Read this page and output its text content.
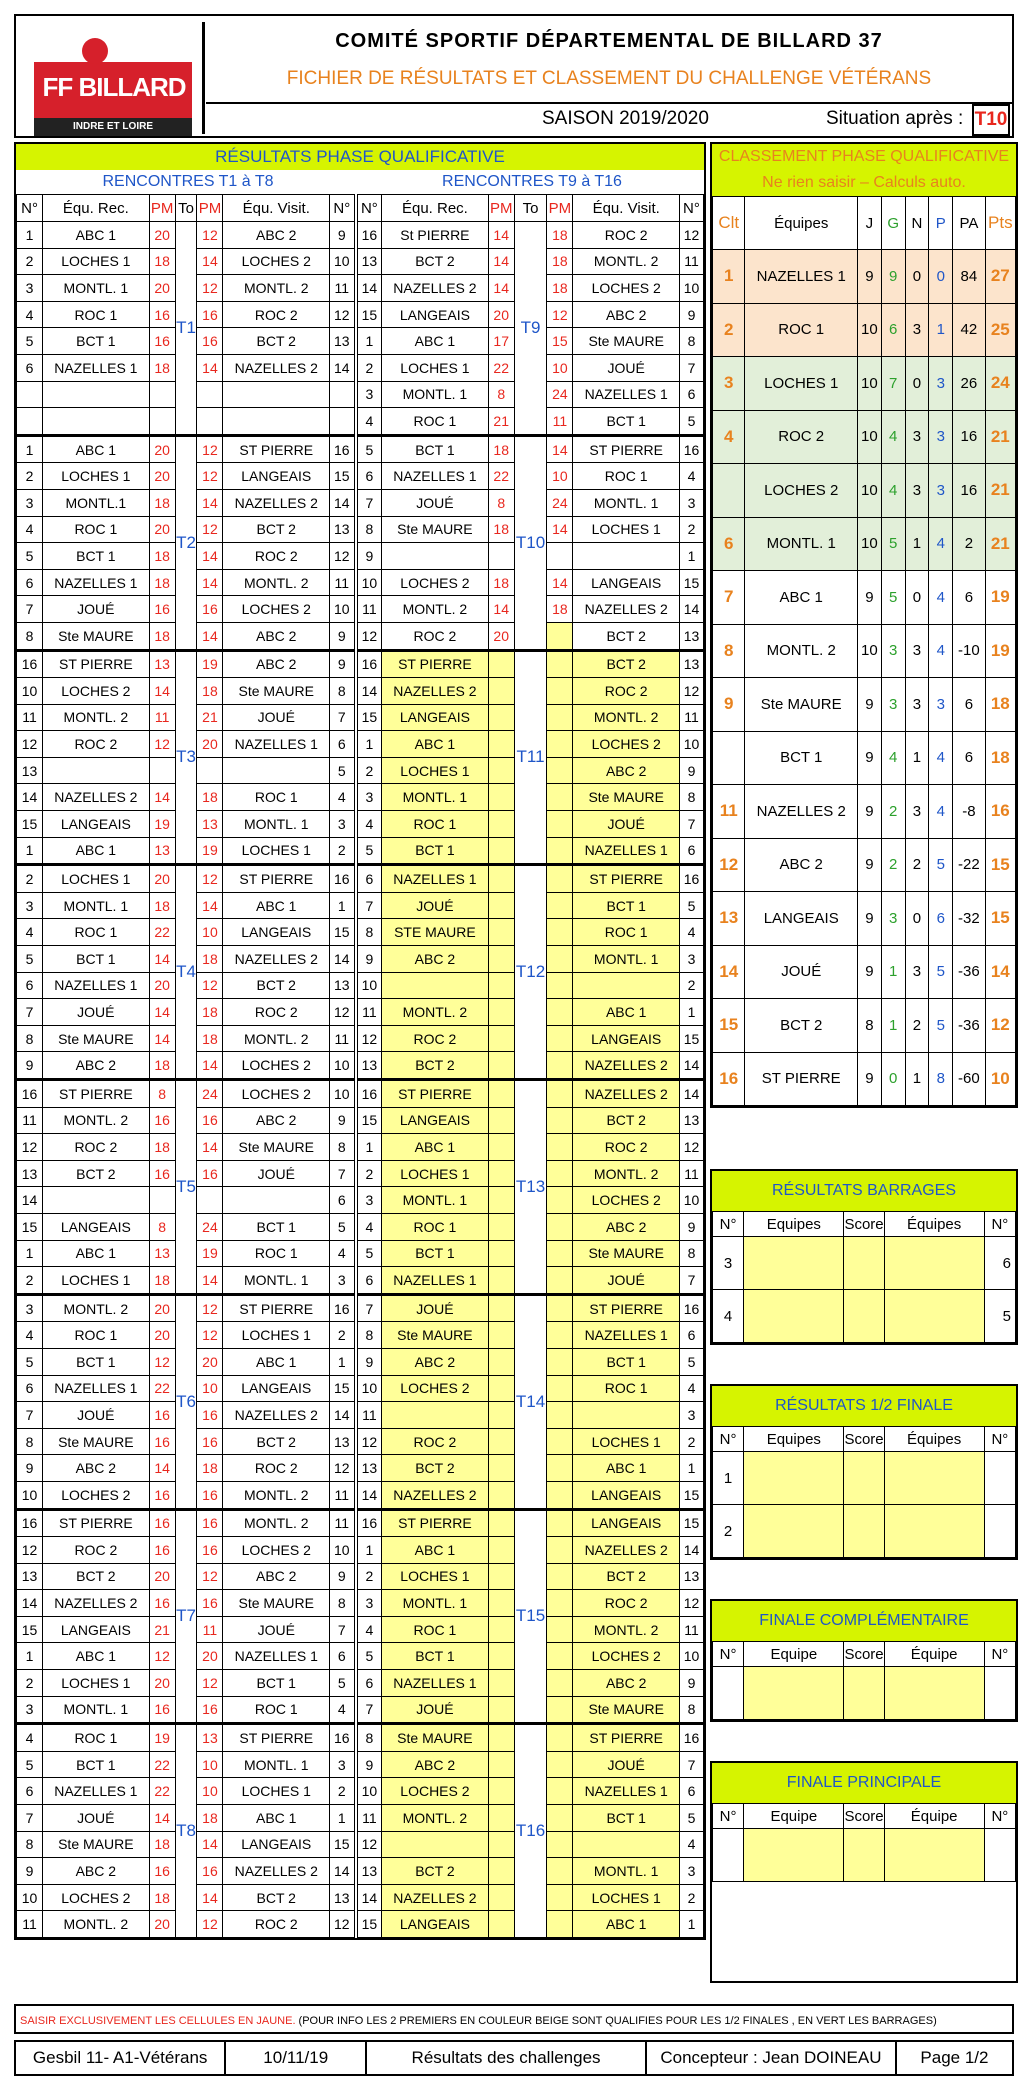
FF BILLARD
INDRE ET LOIRE
COMITÉ SPORTIF DÉPARTEMENTAL DE BILLARD 37
FICHIER DE RÉSULTATS ET CLASSEMENT DU CHALLENGE VÉTÉRANS
SAISON 2019/2020	Situation après : T10
RÉSULTATS PHASE QUALIFICATIVE
RENCONTRES T1 à T8	RENCONTRES T9 à T16
N°	Équ. Rec.	PM	To	PM	Équ. Visit.	N°	N°	Équ. Rec.	PM	To	PM	Équ. Visit.	N°
1	ABC 1	20	T1	12	ABC 2	9	16	St PIERRE	14	T9	18	ROC 2	12
2	LOCHES 1	18		14	LOCHES 2	10	13	BCT 2	14		18	MONTL. 2	11
3	MONTL. 1	20		12	MONTL. 2	11	14	NAZELLES 2	14		18	LOCHES 2	10
4	ROC 1	16		16	ROC 2	12	15	LANGEAIS	20		12	ABC 2	9
5	BCT 1	16		16	BCT 2	13	1	ABC 1	17		15	Ste MAURE	8
6	NAZELLES 1	18		14	NAZELLES 2	14	2	LOCHES 1	22		10	JOUÉ	7
							3	MONTL. 1	8		24	NAZELLES 1	6
							4	ROC 1	21		11	BCT 1	5
1	ABC 1	20	T2	12	ST PIERRE	16	5	BCT 1	18	T10	14	ST PIERRE	16
2	LOCHES 1	20		12	LANGEAIS	15	6	NAZELLES 1	22		10	ROC 1	4
3	MONTL.1	18		14	NAZELLES 2	14	7	JOUÉ	8		24	MONTL. 1	3
4	ROC 1	20		12	BCT 2	13	8	Ste MAURE	18		14	LOCHES 1	2
5	BCT 1	18		14	ROC 2	12	9						1
6	NAZELLES 1	18		14	MONTL. 2	11	10	LOCHES 2	18		14	LANGEAIS	15
7	JOUÉ	16		16	LOCHES 2	10	11	MONTL. 2	14		18	NAZELLES 2	14
8	Ste MAURE	18		14	ABC 2	9	12	ROC 2	20			BCT 2	13
16	ST PIERRE	13	T3	19	ABC 2	9	16	ST PIERRE		T11		BCT 2	13
10	LOCHES 2	14		18	Ste MAURE	8	14	NAZELLES 2				ROC 2	12
11	MONTL. 2	11		21	JOUÉ	7	15	LANGEAIS				MONTL. 2	11
12	ROC 2	12		20	NAZELLES 1	6	1	ABC 1				LOCHES 2	10
13						5	2	LOCHES 1				ABC 2	9
14	NAZELLES 2	14		18	ROC 1	4	3	MONTL. 1				Ste MAURE	8
15	LANGEAIS	19		13	MONTL. 1	3	4	ROC 1				JOUÉ	7
1	ABC 1	13		19	LOCHES 1	2	5	BCT 1				NAZELLES 1	6
2	LOCHES 1	20	T4	12	ST PIERRE	16	6	NAZELLES 1		T12		ST PIERRE	16
3	MONTL. 1	18		14	ABC 1	1	7	JOUÉ				BCT 1	5
4	ROC 1	22		10	LANGEAIS	15	8	STE MAURE				ROC 1	4
5	BCT 1	14		18	NAZELLES 2	14	9	ABC 2				MONTL. 1	3
6	NAZELLES 1	20		12	BCT 2	13	10						2
7	JOUÉ	14		18	ROC 2	12	11	MONTL. 2				ABC 1	1
8	Ste MAURE	14		18	MONTL. 2	11	12	ROC 2				LANGEAIS	15
9	ABC 2	18		14	LOCHES 2	10	13	BCT 2				NAZELLES 2	14
16	ST PIERRE	8	T5	24	LOCHES 2	10	16	ST PIERRE		T13		NAZELLES 2	14
11	MONTL. 2	16		16	ABC 2	9	15	LANGEAIS				BCT 2	13
12	ROC 2	18		14	Ste MAURE	8	1	ABC 1				ROC 2	12
13	BCT 2	16		16	JOUÉ	7	2	LOCHES 1				MONTL. 2	11
14						6	3	MONTL. 1				LOCHES 2	10
15	LANGEAIS	8		24	BCT 1	5	4	ROC 1				ABC 2	9
1	ABC 1	13		19	ROC 1	4	5	BCT 1				Ste MAURE	8
2	LOCHES 1	18		14	MONTL. 1	3	6	NAZELLES 1				JOUÉ	7
3	MONTL. 2	20	T6	12	ST PIERRE	16	7	JOUÉ		T14		ST PIERRE	16
4	ROC 1	20		12	LOCHES 1	2	8	Ste MAURE				NAZELLES 1	6
5	BCT 1	12		20	ABC 1	1	9	ABC 2				BCT 1	5
6	NAZELLES 1	22		10	LANGEAIS	15	10	LOCHES 2				ROC 1	4
7	JOUÉ	16		16	NAZELLES 2	14	11						3
8	Ste MAURE	16		16	BCT 2	13	12	ROC 2				LOCHES 1	2
9	ABC 2	14		18	ROC 2	12	13	BCT 2				ABC 1	1
10	LOCHES 2	16		16	MONTL. 2	11	14	NAZELLES 2				LANGEAIS	15
16	ST PIERRE	16	T7	16	MONTL. 2	11	16	ST PIERRE		T15		LANGEAIS	15
12	ROC 2	16		16	LOCHES 2	10	1	ABC 1				NAZELLES 2	14
13	BCT 2	20		12	ABC 2	9	2	LOCHES 1				BCT 2	13
14	NAZELLES 2	16		16	Ste MAURE	8	3	MONTL. 1				ROC 2	12
15	LANGEAIS	21		11	JOUÉ	7	4	ROC 1				MONTL. 2	11
1	ABC 1	12		20	NAZELLES 1	6	5	BCT 1				LOCHES 2	10
2	LOCHES 1	20		12	BCT 1	5	6	NAZELLES 1				ABC 2	9
3	MONTL. 1	16		16	ROC 1	4	7	JOUÉ				Ste MAURE	8
4	ROC 1	19	T8	13	ST PIERRE	16	8	Ste MAURE		T16		ST PIERRE	16
5	BCT 1	22		10	MONTL. 1	3	9	ABC 2				JOUÉ	7
6	NAZELLES 1	22		10	LOCHES 1	2	10	LOCHES 2				NAZELLES 1	6
7	JOUÉ	14		18	ABC 1	1	11	MONTL. 2				BCT 1	5
8	Ste MAURE	18		14	LANGEAIS	15	12						4
9	ABC 2	16		16	NAZELLES 2	14	13	BCT 2				MONTL. 1	3
10	LOCHES 2	18		14	BCT 2	13	14	NAZELLES 2				LOCHES 1	2
11	MONTL. 2	20		12	ROC 2	12	15	LANGEAIS				ABC 1	1
CLASSEMENT PHASE QUALIFICATIVE
Ne rien saisir – Calculs auto.
Clt	Équipes	J	G	N	P	PA	Pts
1	NAZELLES 1	9	9	0	0	84	27
2	ROC 1	10	6	3	1	42	25
3	LOCHES 1	10	7	0	3	26	24
4	ROC 2	10	4	3	3	16	21
	LOCHES 2	10	4	3	3	16	21
6	MONTL. 1	10	5	1	4	2	21
7	ABC 1	9	5	0	4	6	19
8	MONTL. 2	10	3	3	4	-10	19
9	Ste MAURE	9	3	3	3	6	18
	BCT 1	9	4	1	4	6	18
11	NAZELLES 2	9	2	3	4	-8	16
12	ABC 2	9	2	2	5	-22	15
13	LANGEAIS	9	3	0	6	-32	15
14	JOUÉ	9	1	3	5	-36	14
15	BCT 2	8	1	2	5	-36	12
16	ST PIERRE	9	0	1	8	-60	10
RÉSULTATS BARRAGES
N°	Equipes	Score	Équipes	N°
3				6
4				5
RÉSULTATS 1/2 FINALE
N°	Equipes	Score	Équipes	N°
1				
2				
FINALE COMPLÉMENTAIRE
N°	Equipe	Score	Équipe	N°

FINALE PRINCIPALE
N°	Equipe	Score	Équipe	N°

SAISIR EXCLUSIVEMENT LES CELLULES EN JAUNE. (POUR INFO LES 2 PREMIERS EN COULEUR BEIGE SONT QUALIFIES POUR LES 1/2 FINALES , EN VERT LES BARRAGES)
Gesbil 11- A1-Vétérans	10/11/19	Résultats des challenges	Concepteur : Jean DOINEAU	Page 1/2
